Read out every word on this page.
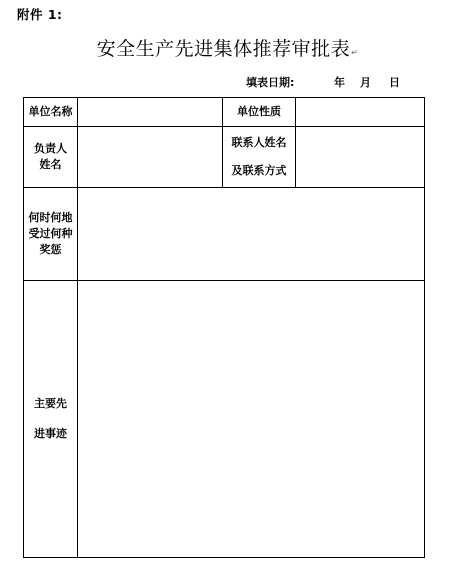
附件 1:
安全生产先进集体推荐审批表↵
填表日期:	年 月 日
单位名称	单位性质
负责人
姓名
联系人姓名
及联系方式
何时何地
受过何种
奖惩
主要先
进事迹
